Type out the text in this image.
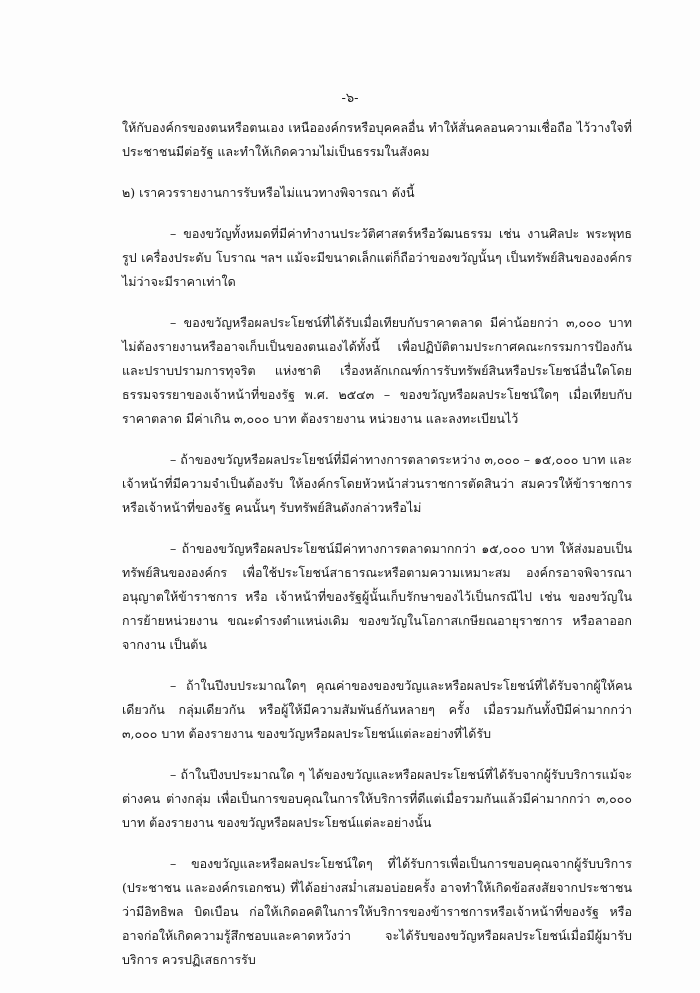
-๖-

ให้กับองค์กรของตนหรือตนเอง เหนือองค์กรหรือบุคคลอื่น ทำให้สั่นคลอนความเชื่อถือ ไว้วางใจที่ประชาชนมีต่อรัฐ และทำให้เกิดความไม่เป็นธรรมในสังคม

๒) เราควรรายงานการรับหรือไม่แนวทางพิจารณา ดังนี้

– ของขวัญทั้งหมดที่มีค่าทำงานประวัติศาสตร์หรือวัฒนธรรม เช่น งานศิลปะ พระพุทธรูป เครื่องประดับ โบราณ ฯลฯ แม้จะมีขนาดเล็กแต่ก็ถือว่าของขวัญนั้นๆ เป็นทรัพย์สินขององค์กรไม่ว่าจะมีราคาเท่าใด

– ของขวัญหรือผลประโยชน์ที่ได้รับเมื่อเทียบกับราคาตลาด มีค่าน้อยกว่า ๓,๐๐๐ บาทไม่ต้องรายงานหรืออาจเก็บเป็นของตนเองได้ทั้งนี้ เพื่อปฏิบัติตามประกาศคณะกรรมการป้องกันและปราบปรามการทุจริต แห่งชาติ เรื่องหลักเกณฑ์การรับทรัพย์สินหรือประโยชน์อื่นใดโดยธรรมจรรยาของเจ้าหน้าที่ของรัฐ พ.ศ. ๒๕๔๓ – ของขวัญหรือผลประโยชน์ใดๆ เมื่อเทียบกับราคาตลาด มีค่าเกิน ๓,๐๐๐ บาท ต้องรายงาน หน่วยงาน และลงทะเบียนไว้

– ถ้าของขวัญหรือผลประโยชน์ที่มีค่าทางการตลาดระหว่าง ๓,๐๐๐ – ๑๕,๐๐๐ บาท และเจ้าหน้าที่มีความจำเป็นต้องรับ ให้องค์กรโดยหัวหน้าส่วนราชการตัดสินว่า สมควรให้ข้าราชการหรือเจ้าหน้าที่ของรัฐ คนนั้นๆ รับทรัพย์สินดังกล่าวหรือไม่

– ถ้าของขวัญหรือผลประโยชน์มีค่าทางการตลาดมากกว่า ๑๕,๐๐๐ บาท ให้ส่งมอบเป็นทรัพย์สินขององค์กร เพื่อใช้ประโยชน์สาธารณะหรือตามความเหมาะสม องค์กรอาจพิจารณาอนุญาตให้ข้าราชการ หรือ เจ้าหน้าที่ของรัฐผู้นั้นเก็บรักษาของไว้เป็นกรณีไป เช่น ของขวัญในการย้ายหน่วยงาน ขณะดำรงตำแหน่งเดิม ของขวัญในโอกาสเกษียณอายุราชการ หรือลาออกจากงาน เป็นต้น

– ถ้าในปีงบประมาณใดๆ คุณค่าของของขวัญและหรือผลประโยชน์ที่ได้รับจากผู้ให้คนเดียวกัน กลุ่มเดียวกัน หรือผู้ให้มีความสัมพันธ์กันหลายๆ ครั้ง เมื่อรวมกันทั้งปีมีค่ามากกว่า ๓,๐๐๐ บาท ต้องรายงาน ของขวัญหรือผลประโยชน์แต่ละอย่างที่ได้รับ

– ถ้าในปีงบประมาณใด ๆ ได้ของขวัญและหรือผลประโยชน์ที่ได้รับจากผู้รับบริการแม้จะต่างคน ต่างกลุ่ม เพื่อเป็นการขอบคุณในการให้บริการที่ดีแต่เมื่อรวมกันแล้วมีค่ามากกว่า ๓,๐๐๐ บาท ต้องรายงาน ของขวัญหรือผลประโยชน์แต่ละอย่างนั้น

– ของขวัญและหรือผลประโยชน์ใดๆ ที่ได้รับการเพื่อเป็นการขอบคุณจากผู้รับบริการ (ประชาชน และองค์กรเอกชน) ที่ได้อย่างสม่ำเสมอบ่อยครั้ง อาจทำให้เกิดข้อสงสัยจากประชาชนว่ามีอิทธิพล บิดเบือน ก่อให้เกิดอคติในการให้บริการของข้าราชการหรือเจ้าหน้าที่ของรัฐ หรืออาจก่อให้เกิดความรู้สึกชอบและคาดหวังว่า จะได้รับของขวัญหรือผลประโยชน์เมื่อมีผู้มารับบริการ ควรปฏิเสธการรับ
